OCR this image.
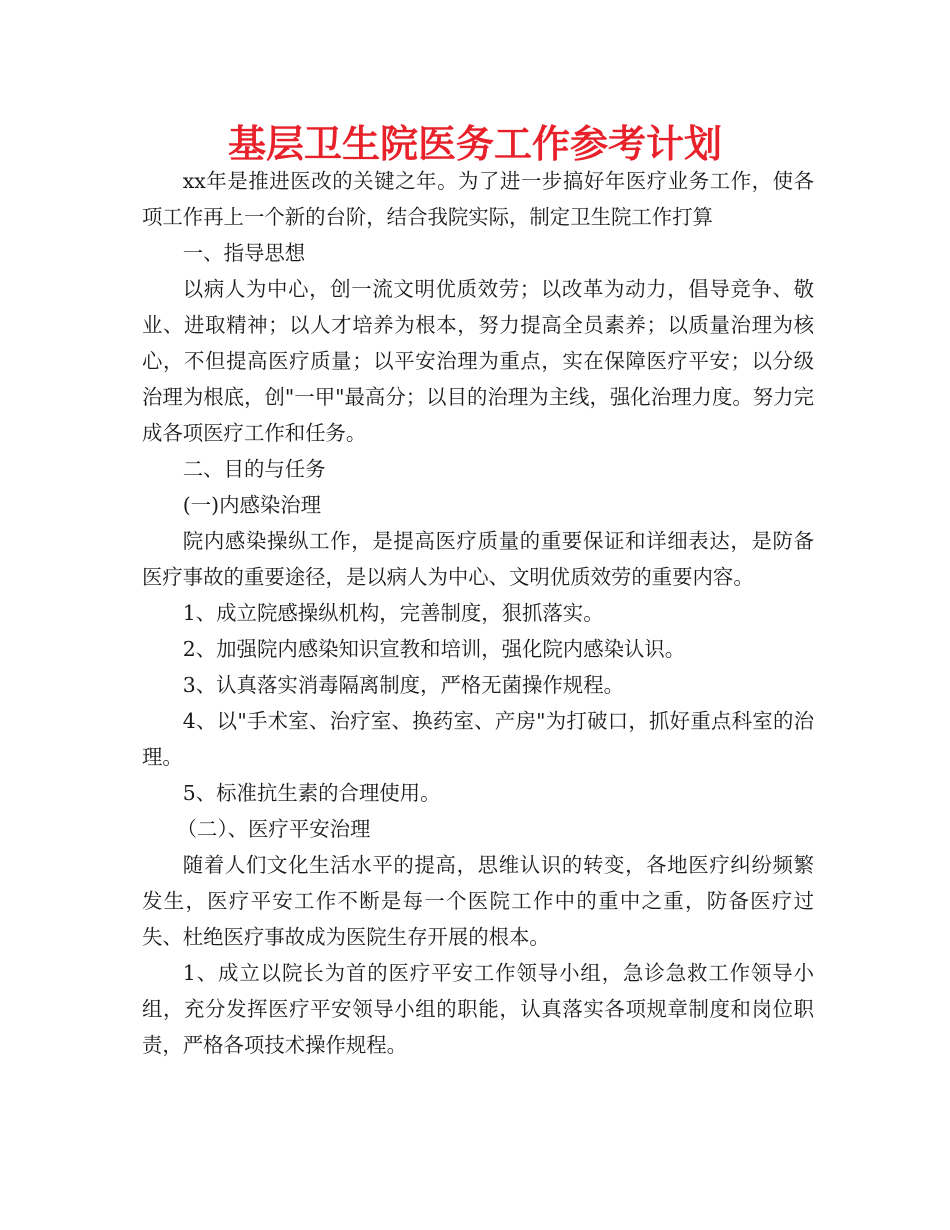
基层卫生院医务工作参考计划

xx年是推进医改的关键之年。为了进一步搞好年医疗业务工作，使各项工作再上一个新的台阶，结合我院实际，制定卫生院工作打算

一、指导思想

以病人为中心，创一流文明优质效劳；以改革为动力，倡导竞争、敬业、进取精神；以人才培养为根本，努力提高全员素养；以质量治理为核心，不但提高医疗质量；以平安治理为重点，实在保障医疗平安；以分级治理为根底，创"一甲"最高分；以目的治理为主线，强化治理力度。努力完成各项医疗工作和任务。

二、目的与任务

(一)内感染治理

院内感染操纵工作，是提高医疗质量的重要保证和详细表达，是防备医疗事故的重要途径，是以病人为中心、文明优质效劳的重要内容。

1、成立院感操纵机构，完善制度，狠抓落实。

2、加强院内感染知识宣教和培训，强化院内感染认识。

3、认真落实消毒隔离制度，严格无菌操作规程。

4、以"手术室、治疗室、换药室、产房"为打破口，抓好重点科室的治理。

5、标准抗生素的合理使用。

（二）、医疗平安治理

随着人们文化生活水平的提高，思维认识的转变，各地医疗纠纷频繁发生，医疗平安工作不断是每一个医院工作中的重中之重，防备医疗过失、杜绝医疗事故成为医院生存开展的根本。

1、成立以院长为首的医疗平安工作领导小组，急诊急救工作领导小组，充分发挥医疗平安领导小组的职能，认真落实各项规章制度和岗位职责，严格各项技术操作规程。
